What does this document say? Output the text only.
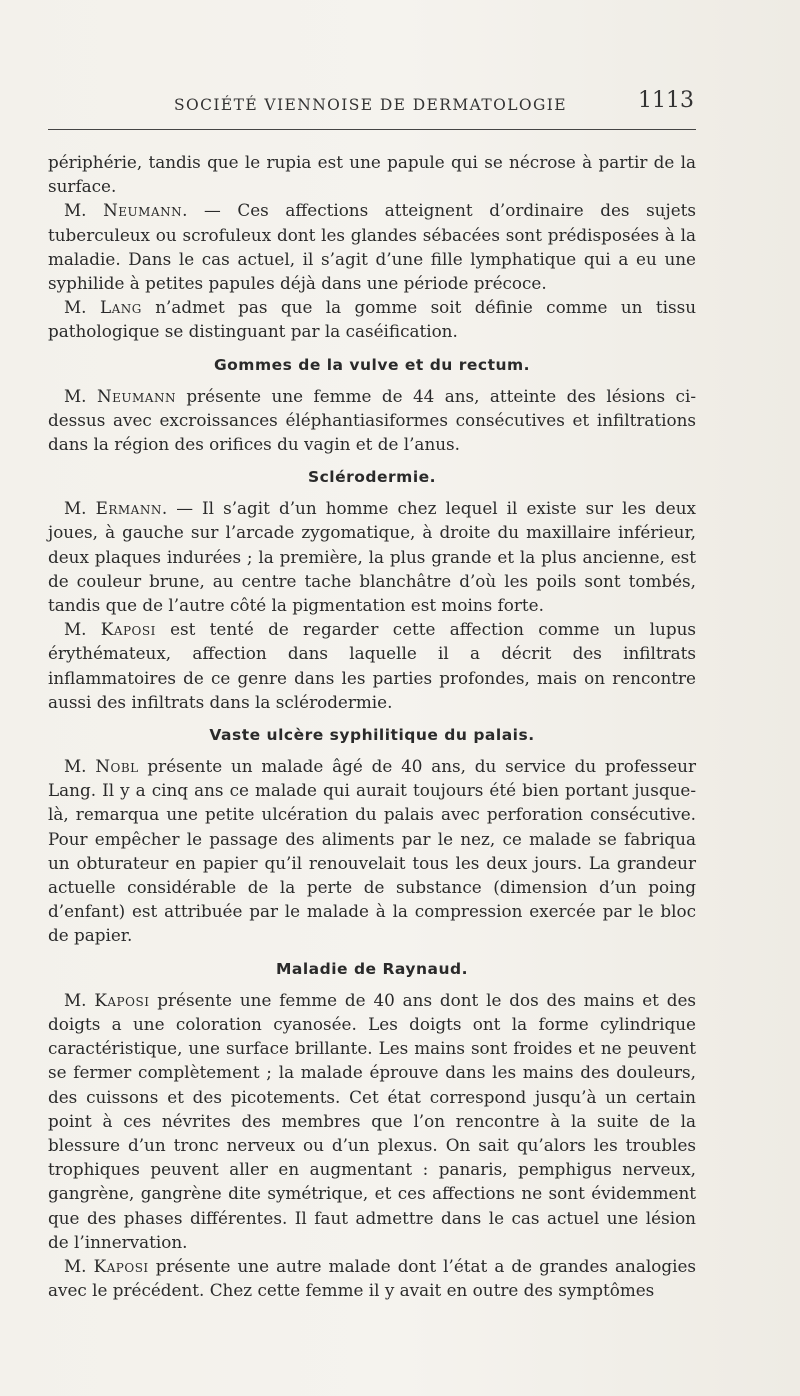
SOCIÉTÉ VIENNOISE DE DERMATOLOGIE	1113

périphérie, tandis que le rupia est une papule qui se nécrose à partir de la surface.

M. Neumann. — Ces affections atteignent d’ordinaire des sujets tuberculeux ou scrofuleux dont les glandes sébacées sont prédisposées à la maladie. Dans le cas actuel, il s’agit d’une fille lymphatique qui a eu une syphilide à petites papules déjà dans une période précoce.

M. Lang n’admet pas que la gomme soit définie comme un tissu pathologique se distinguant par la caséification.

Gommes de la vulve et du rectum.

M. Neumann présente une femme de 44 ans, atteinte des lésions ci-dessus avec excroissances éléphantiasiformes consécutives et infiltrations dans la région des orifices du vagin et de l’anus.

Sclérodermie.

M. Ermann. — Il s’agit d’un homme chez lequel il existe sur les deux joues, à gauche sur l’arcade zygomatique, à droite du maxillaire inférieur, deux plaques indurées ; la première, la plus grande et la plus ancienne, est de couleur brune, au centre tache blanchâtre d’où les poils sont tombés, tandis que de l’autre côté la pigmentation est moins forte.

M. Kaposi est tenté de regarder cette affection comme un lupus érythémateux, affection dans laquelle il a décrit des infiltrats inflammatoires de ce genre dans les parties profondes, mais on rencontre aussi des infiltrats dans la sclérodermie.

Vaste ulcère syphilitique du palais.

M. Nobl présente un malade âgé de 40 ans, du service du professeur Lang. Il y a cinq ans ce malade qui aurait toujours été bien portant jusque-là, remarqua une petite ulcération du palais avec perforation consécutive. Pour empêcher le passage des aliments par le nez, ce malade se fabriqua un obturateur en papier qu’il renouvelait tous les deux jours. La grandeur actuelle considérable de la perte de substance (dimension d’un poing d’enfant) est attribuée par le malade à la compression exercée par le bloc de papier.

Maladie de Raynaud.

M. Kaposi présente une femme de 40 ans dont le dos des mains et des doigts a une coloration cyanosée. Les doigts ont la forme cylindrique caractéristique, une surface brillante. Les mains sont froides et ne peuvent se fermer complètement ; la malade éprouve dans les mains des douleurs, des cuissons et des picotements. Cet état correspond jusqu’à un certain point à ces névrites des membres que l’on rencontre à la suite de la blessure d’un tronc nerveux ou d’un plexus. On sait qu’alors les troubles trophiques peuvent aller en augmentant : panaris, pemphigus nerveux, gangrène, gangrène dite symétrique, et ces affections ne sont évidemment que des phases différentes. Il faut admettre dans le cas actuel une lésion de l’innervation.

M. Kaposi présente une autre malade dont l’état a de grandes analogies avec le précédent. Chez cette femme il y avait en outre des symptômes
